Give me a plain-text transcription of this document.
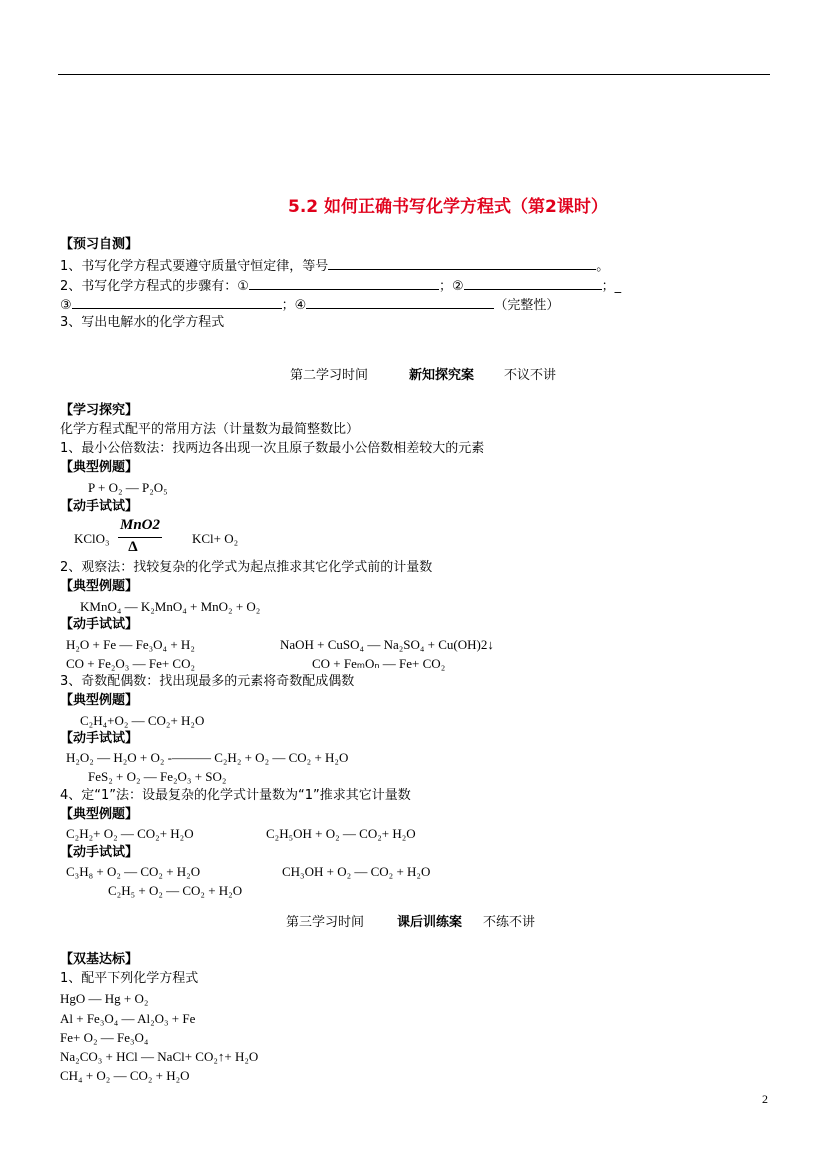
5.2 如何正确书写化学方程式（第2课时）
【预习自测】
1、书写化学方程式要遵守质量守恒定律，等号	。
2、书写化学方程式的步骤有：①	；②	；_
③	；④	（完整性）
3、写出电解水的化学方程式
第二学习时间	新知探究案 不议不讲
【学习探究】
化学方程式配平的常用方法（计量数为最简整数比）
1、最小公倍数法：找两边各出现一次且原子数最小公倍数相差较大的元素
【典型例题】
P + O₂ — P₂O₅
【动手试试】
KClO₃
MnO2
Δ
KCl+ O₂
2、观察法：找较复杂的化学式为起点推求其它化学式前的计量数
【典型例题】
KMnO₄ — K₂MnO₄ + MnO₂ + O₂
【动手试试】
H₂O + Fe — Fe₃O₄ + H₂	NaOH + CuSO₄ — Na₂SO₄ + Cu(OH)2↓
CO + Fe₂O₃ — Fe+ CO₂	CO + FeₘOₙ — Fe+ CO₂
3、奇数配偶数：找出现最多的元素将奇数配成偶数
【典型例题】
C₂H₄+O₂ — CO₂+ H₂O
【动手试试】
H₂O₂ — H₂O + O₂ -——— C₂H₂ + O₂ — CO₂ + H₂O
FeS₂ + O₂ — Fe₂O₃ + SO₂
4、定“1”法：设最复杂的化学式计量数为“1”推求其它计量数
【典型例题】
C₂H₂+ O₂ — CO₂+ H₂O	C₂H₅OH + O₂ — CO₂+ H₂O
【动手试试】
C₃H₈ + O₂ — CO₂ + H₂O	CH₃OH + O₂ — CO₂ + H₂O
C₂H₅ + O₂ — CO₂ + H₂O
第三学习时间	课后训练案 不练不讲
【双基达标】
1、配平下列化学方程式
HgO — Hg + O₂
Al + Fe₃O₄ — Al₂O₃ + Fe
Fe+ O₂ — Fe₃O₄
Na₂CO₃ + HCl — NaCl+ CO₂↑+ H₂O
CH₄ + O₂ — CO₂ + H₂O
2
